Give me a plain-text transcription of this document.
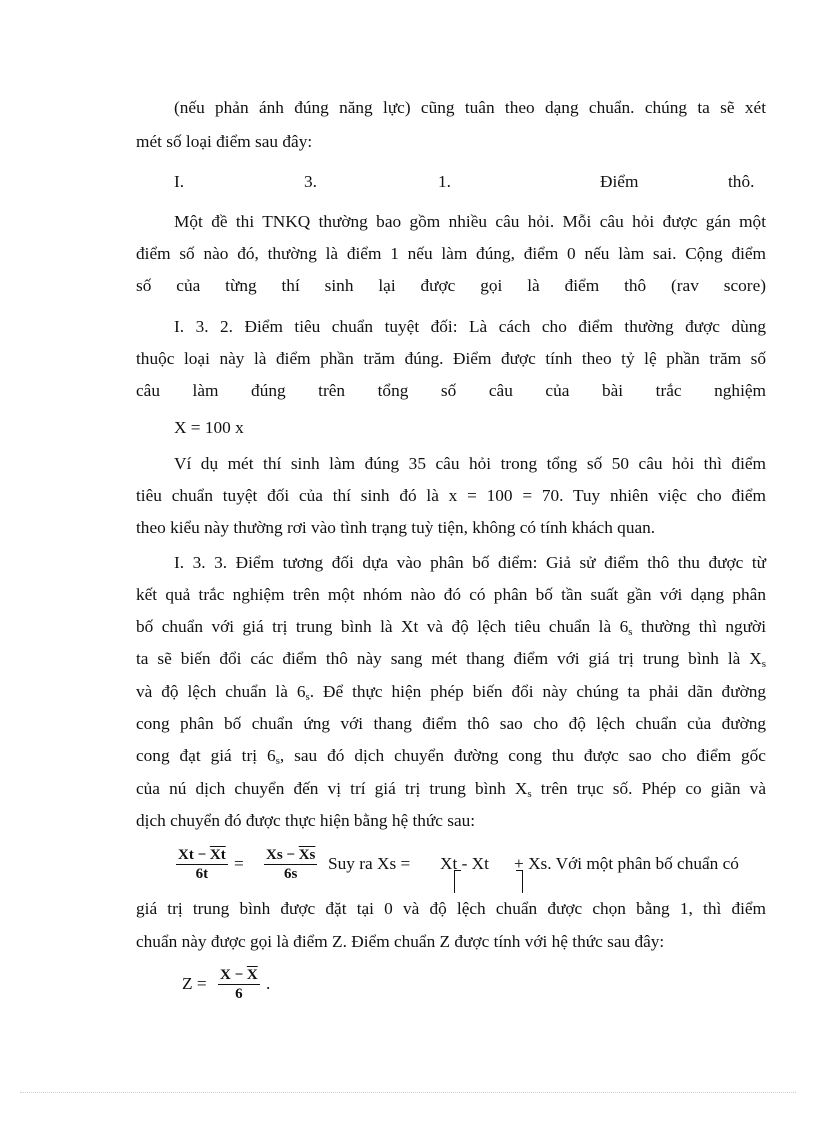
(nếu phản ánh đúng năng lực) cũng tuân theo dạng chuẩn. chúng ta sẽ xét
mét số loại điểm sau đây:
I.	3.	1.	Điểm	thô.
Một đề thi TNKQ thường bao gồm nhiều câu hỏi. Mỗi câu hỏi được gán một
điểm số nào đó, thường là điểm 1 nếu làm đúng, điểm 0 nếu làm sai. Cộng điểm
số của từng thí sinh lại được gọi là điểm thô (rav score)
I. 3. 2. Điểm tiêu chuẩn tuyệt đối: Là cách cho điểm thường được dùng
thuộc loại này là điểm phần trăm đúng. Điểm được tính theo tỷ lệ phần trăm số
câu làm đúng trên tổng số câu của bài trắc nghiệm
X = 100 x
Ví dụ mét thí sinh làm đúng 35 câu hỏi trong tổng số 50 câu hỏi thì điểm
tiêu chuẩn tuyệt đối của thí sinh đó là x = 100 = 70. Tuy nhiên việc cho điểm
theo kiểu này thường rơi vào tình trạng tuỳ tiện, không có tính khách quan.
I. 3. 3. Điểm tương đối dựa vào phân bố điểm: Giả sử điểm thô thu được từ
kết quả trắc nghiệm trên một nhóm nào đó có phân bố tần suất gần với dạng phân
bố chuẩn với giá trị trung bình là Xt và độ lệch tiêu chuẩn là $6_s$ thường thì người
ta sẽ biến đổi các điểm thô này sang mét thang điểm với giá trị trung bình là $X_s$
và độ lệch chuẩn là $6_s$. Để thực hiện phép biến đổi này chúng ta phải dãn đường
cong phân bố chuẩn ứng với thang điểm thô sao cho độ lệch chuẩn của đường
cong đạt giá trị $6_s$, sau đó dịch chuyển đường cong thu được sao cho điểm gốc
của nú dịch chuyển đến vị trí giá trị trung bình $X_s$ trên trục số. Phép co giãn và
dịch chuyển đó được thực hiện bằng hệ thức sau:
$Xt - \overline{Xt}$
6t
= $Xs - \overline{Xs}$
6s
Suy ra Xs = Xt - Xt + Xs. Với một phân bố chuẩn có
giá trị trung bình được đặt tại 0 và độ lệch chuẩn được chọn bằng 1, thì điểm
chuẩn này được gọi là điểm Z. Điểm chuẩn Z được tính với hệ thức sau đây:
$Z = X - \overline{X}$
6
.
